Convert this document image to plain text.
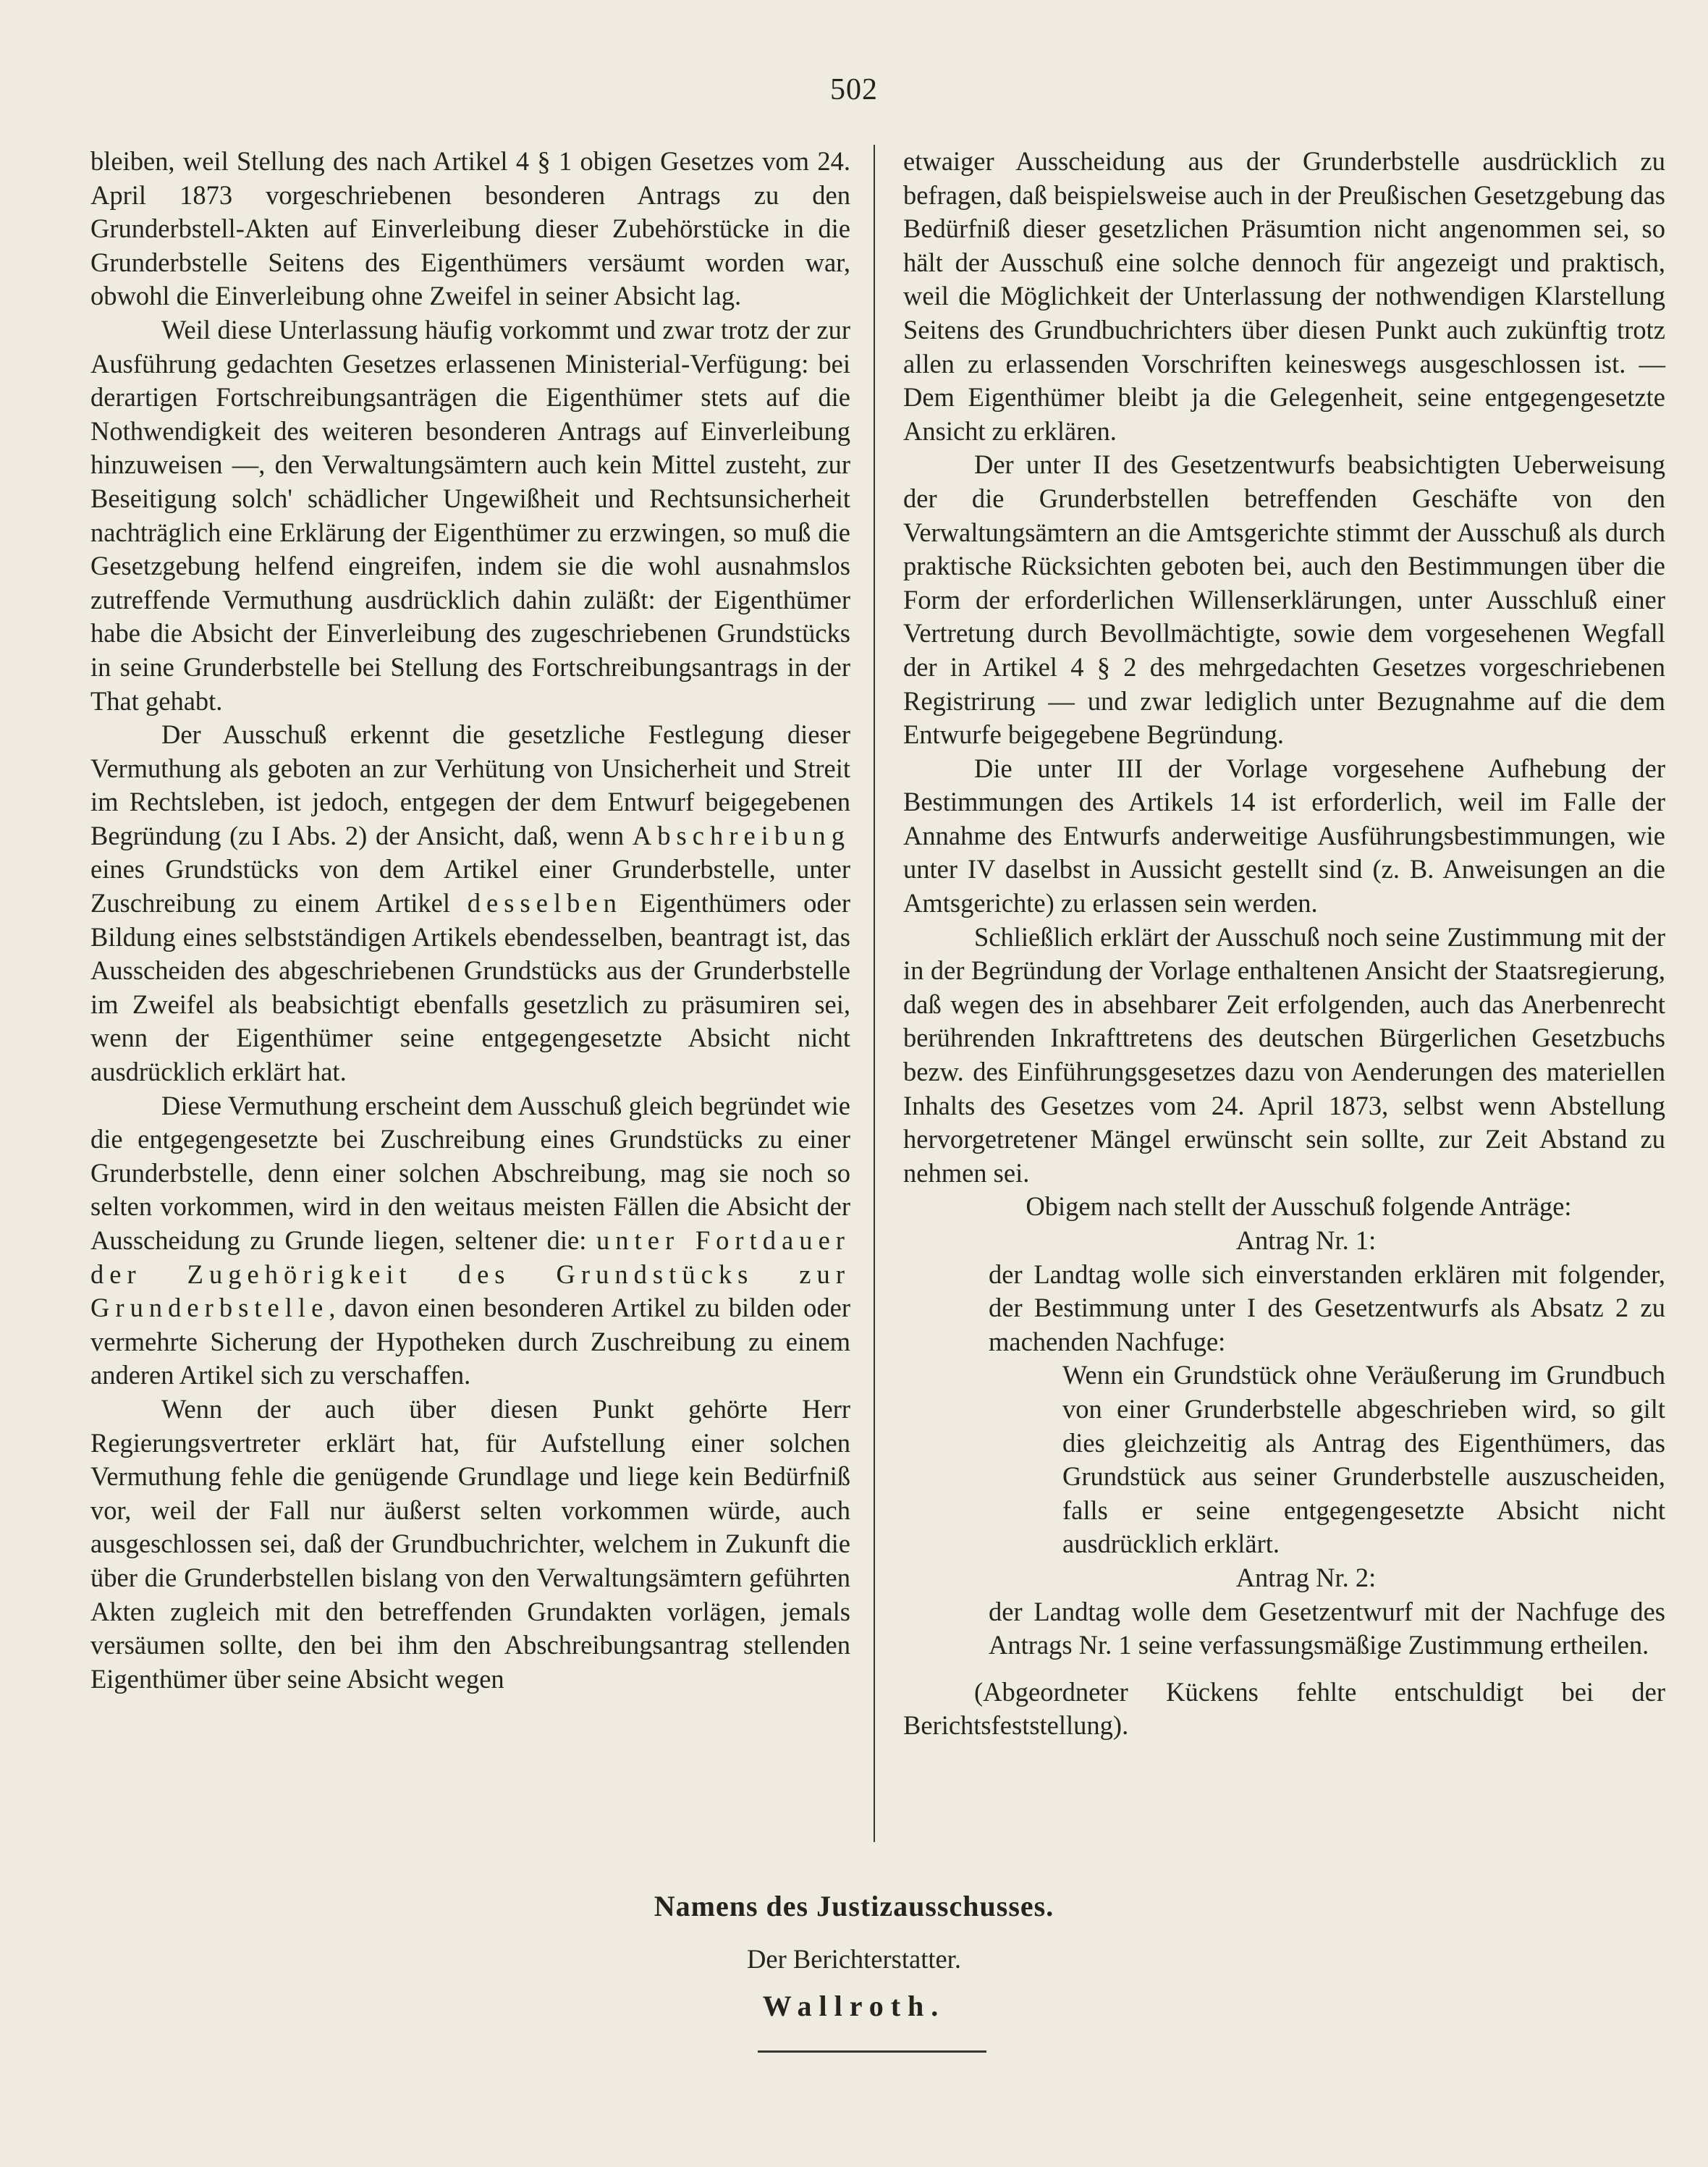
502

bleiben, weil Stellung des nach Artikel 4 § 1 obigen Gesetzes vom 24. April 1873 vorgeschriebenen besonderen Antrags zu den Grunderbstell-Akten auf Einverleibung dieser Zubehörstücke in die Grunderbstelle Seitens des Eigenthümers versäumt worden war, obwohl die Einverleibung ohne Zweifel in seiner Absicht lag.

Weil diese Unterlassung häufig vorkommt und zwar trotz der zur Ausführung gedachten Gesetzes erlassenen Ministerial-Verfügung: bei derartigen Fortschreibungsanträgen die Eigenthümer stets auf die Nothwendigkeit des weiteren besonderen Antrags auf Einverleibung hinzuweisen —, den Verwaltungsämtern auch kein Mittel zusteht, zur Beseitigung solch' schädlicher Ungewißheit und Rechtsunsicherheit nachträglich eine Erklärung der Eigenthümer zu erzwingen, so muß die Gesetzgebung helfend eingreifen, indem sie die wohl ausnahmslos zutreffende Vermuthung ausdrücklich dahin zuläßt: der Eigenthümer habe die Absicht der Einverleibung des zugeschriebenen Grundstücks in seine Grunderbstelle bei Stellung des Fortschreibungsantrags in der That gehabt.

Der Ausschuß erkennt die gesetzliche Festlegung dieser Vermuthung als geboten an zur Verhütung von Unsicherheit und Streit im Rechtsleben, ist jedoch, entgegen der dem Entwurf beigegebenen Begründung (zu I Abs. 2) der Ansicht, daß, wenn Abschreibung eines Grundstücks von dem Artikel einer Grunderbstelle, unter Zuschreibung zu einem Artikel desselben Eigenthümers oder Bildung eines selbstständigen Artikels ebendesselben, beantragt ist, das Ausscheiden des abgeschriebenen Grundstücks aus der Grunderbstelle im Zweifel als beabsichtigt ebenfalls gesetzlich zu präsumiren sei, wenn der Eigenthümer seine entgegengesetzte Absicht nicht ausdrücklich erklärt hat.

Diese Vermuthung erscheint dem Ausschuß gleich begründet wie die entgegengesetzte bei Zuschreibung eines Grundstücks zu einer Grunderbstelle, denn einer solchen Abschreibung, mag sie noch so selten vorkommen, wird in den weitaus meisten Fällen die Absicht der Ausscheidung zu Grunde liegen, seltener die: unter Fortdauer der Zugehörigkeit des Grundstücks zur Grunderbstelle, davon einen besonderen Artikel zu bilden oder vermehrte Sicherung der Hypotheken durch Zuschreibung zu einem anderen Artikel sich zu verschaffen.

Wenn der auch über diesen Punkt gehörte Herr Regierungsvertreter erklärt hat, für Aufstellung einer solchen Vermuthung fehle die genügende Grundlage und liege kein Bedürfniß vor, weil der Fall nur äußerst selten vorkommen würde, auch ausgeschlossen sei, daß der Grundbuchrichter, welchem in Zukunft die über die Grunderbstellen bislang von den Verwaltungsämtern geführten Akten zugleich mit den betreffenden Grundakten vorlägen, jemals versäumen sollte, den bei ihm den Abschreibungsantrag stellenden Eigenthümer über seine Absicht wegen

etwaiger Ausscheidung aus der Grunderbstelle ausdrücklich zu befragen, daß beispielsweise auch in der Preußischen Gesetzgebung das Bedürfniß dieser gesetzlichen Präsumtion nicht angenommen sei, so hält der Ausschuß eine solche dennoch für angezeigt und praktisch, weil die Möglichkeit der Unterlassung der nothwendigen Klarstellung Seitens des Grundbuchrichters über diesen Punkt auch zukünftig trotz allen zu erlassenden Vorschriften keineswegs ausgeschlossen ist. — Dem Eigenthümer bleibt ja die Gelegenheit, seine entgegengesetzte Ansicht zu erklären.

Der unter II des Gesetzentwurfs beabsichtigten Ueberweisung der die Grunderbstellen betreffenden Geschäfte von den Verwaltungsämtern an die Amtsgerichte stimmt der Ausschuß als durch praktische Rücksichten geboten bei, auch den Bestimmungen über die Form der erforderlichen Willenserklärungen, unter Ausschluß einer Vertretung durch Bevollmächtigte, sowie dem vorgesehenen Wegfall der in Artikel 4 § 2 des mehrgedachten Gesetzes vorgeschriebenen Registrirung — und zwar lediglich unter Bezugnahme auf die dem Entwurfe beigegebene Begründung.

Die unter III der Vorlage vorgesehene Aufhebung der Bestimmungen des Artikels 14 ist erforderlich, weil im Falle der Annahme des Entwurfs anderweitige Ausführungsbestimmungen, wie unter IV daselbst in Aussicht gestellt sind (z. B. Anweisungen an die Amtsgerichte) zu erlassen sein werden.

Schließlich erklärt der Ausschuß noch seine Zustimmung mit der in der Begründung der Vorlage enthaltenen Ansicht der Staatsregierung, daß wegen des in absehbarer Zeit erfolgenden, auch das Anerbenrecht berührenden Inkrafttretens des deutschen Bürgerlichen Gesetzbuchs bezw. des Einführungsgesetzes dazu von Aenderungen des materiellen Inhalts des Gesetzes vom 24. April 1873, selbst wenn Abstellung hervorgetretener Mängel erwünscht sein sollte, zur Zeit Abstand zu nehmen sei.

Obigem nach stellt der Ausschuß folgende Anträge:

Antrag Nr. 1:

der Landtag wolle sich einverstanden erklären mit folgender, der Bestimmung unter I des Gesetzentwurfs als Absatz 2 zu machenden Nachfuge:

Wenn ein Grundstück ohne Veräußerung im Grundbuch von einer Grunderbstelle abgeschrieben wird, so gilt dies gleichzeitig als Antrag des Eigenthümers, das Grundstück aus seiner Grunderbstelle auszuscheiden, falls er seine entgegengesetzte Absicht nicht ausdrücklich erklärt.

Antrag Nr. 2:

der Landtag wolle dem Gesetzentwurf mit der Nachfuge des Antrags Nr. 1 seine verfassungsmäßige Zustimmung ertheilen.

(Abgeordneter Kückens fehlte entschuldigt bei der Berichtsfeststellung).

Namens des Justizausschusses.
Der Berichterstatter.
Wallroth.
